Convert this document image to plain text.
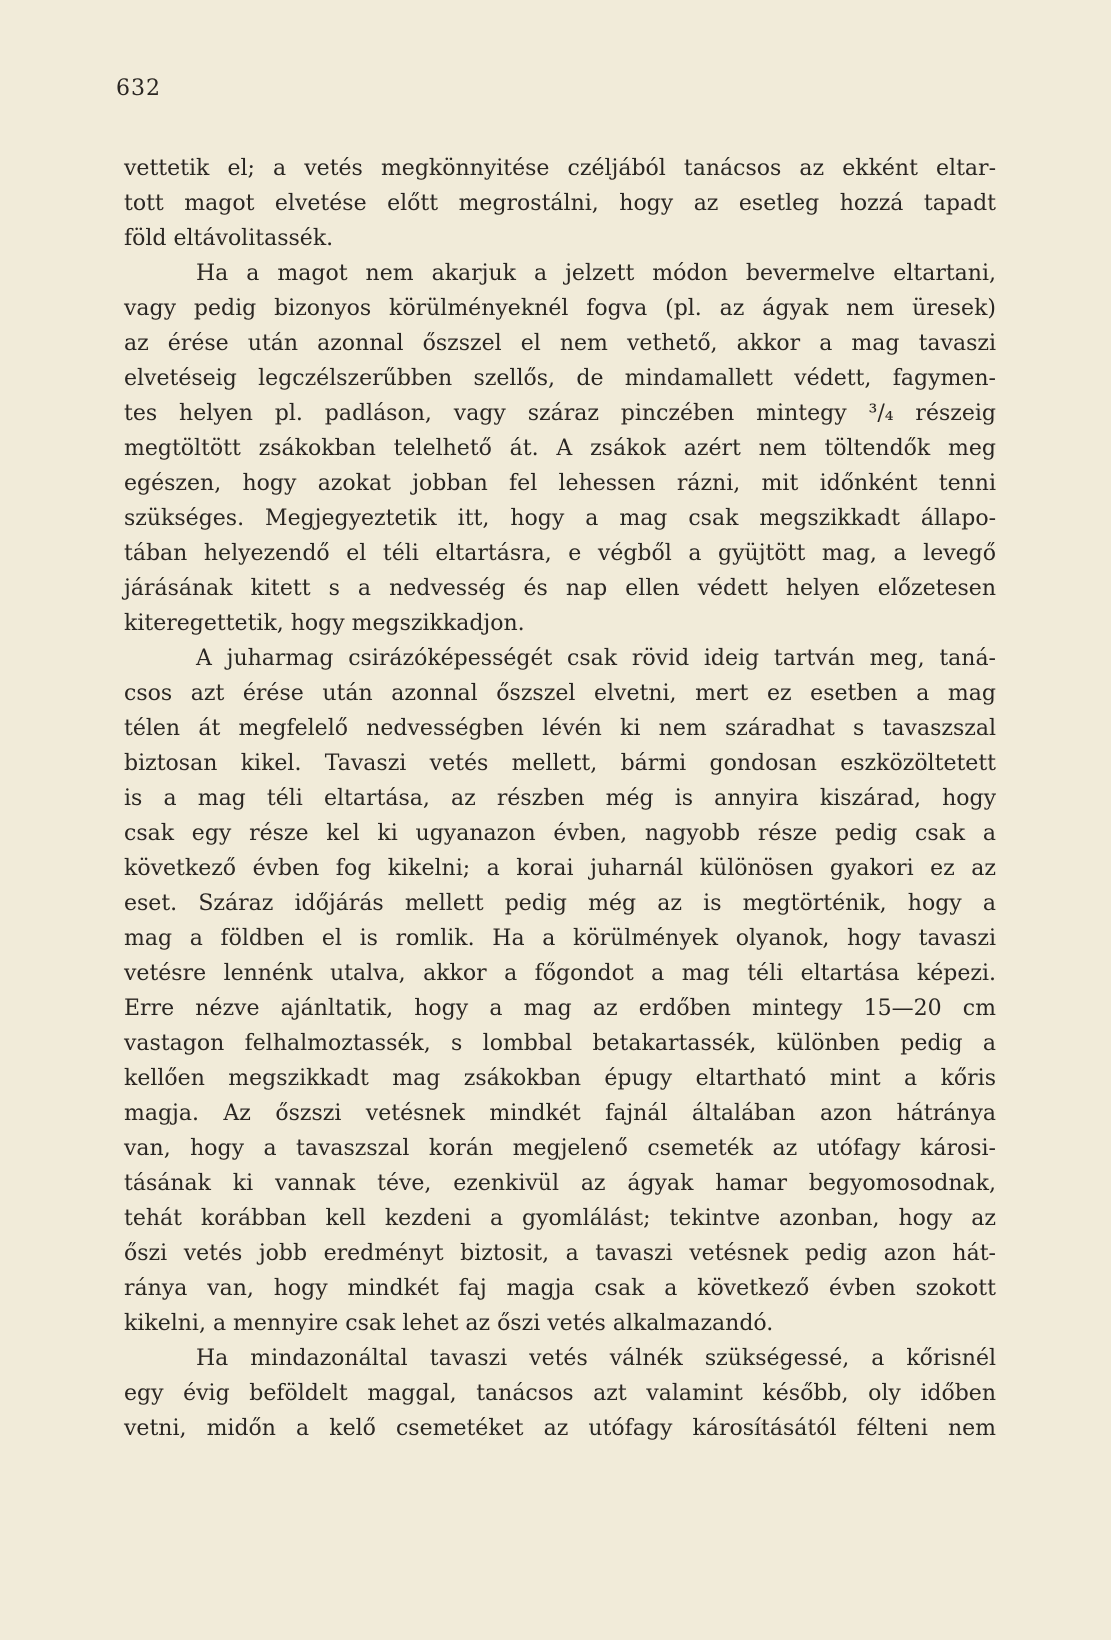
632
vettetik el; a vetés megkönnyitése czéljából tanácsos az ekként eltar-
tott magot elvetése előtt megrostálni, hogy az esetleg hozzá tapadt
föld eltávolitassék.
Ha a magot nem akarjuk a jelzett módon bevermelve eltartani,
vagy pedig bizonyos körülményeknél fogva (pl. az ágyak nem üresek)
az érése után azonnal őszszel el nem vethető, akkor a mag tavaszi
elvetéseig legczélszerűbben szellős, de mindamallett védett, fagymen-
tes helyen pl. padláson, vagy száraz pinczében mintegy ³/₄ részeig
megtöltött zsákokban telelhető át. A zsákok azért nem töltendők meg
egészen, hogy azokat jobban fel lehessen rázni, mit időnként tenni
szükséges. Megjegyeztetik itt, hogy a mag csak megszikkadt állapo-
tában helyezendő el téli eltartásra, e végből a gyüjtött mag, a levegő
járásának kitett s a nedvesség és nap ellen védett helyen előzetesen
kiteregettetik, hogy megszikkadjon.
A juharmag csirázóképességét csak rövid ideig tartván meg, taná-
csos azt érése után azonnal őszszel elvetni, mert ez esetben a mag
télen át megfelelő nedvességben lévén ki nem száradhat s tavaszszal
biztosan kikel. Tavaszi vetés mellett, bármi gondosan eszközöltetett
is a mag téli eltartása, az részben még is annyira kiszárad, hogy
csak egy része kel ki ugyanazon évben, nagyobb része pedig csak a
következő évben fog kikelni; a korai juharnál különösen gyakori ez az
eset. Száraz időjárás mellett pedig még az is megtörténik, hogy a
mag a földben el is romlik. Ha a körülmények olyanok, hogy tavaszi
vetésre lennénk utalva, akkor a főgondot a mag téli eltartása képezi.
Erre nézve ajánltatik, hogy a mag az erdőben mintegy 15—20 cm
vastagon felhalmoztassék, s lombbal betakartassék, különben pedig a
kellően megszikkadt mag zsákokban épugy eltartható mint a kőris
magja. Az őszszi vetésnek mindkét fajnál általában azon hátránya
van, hogy a tavaszszal korán megjelenő csemeték az utófagy károsi-
tásának ki vannak téve, ezenkivül az ágyak hamar begyomosodnak,
tehát korábban kell kezdeni a gyomlálást; tekintve azonban, hogy az
őszi vetés jobb eredményt biztosit, a tavaszi vetésnek pedig azon hát-
ránya van, hogy mindkét faj magja csak a következő évben szokott
kikelni, a mennyire csak lehet az őszi vetés alkalmazandó.
Ha mindazonáltal tavaszi vetés válnék szükségessé, a kőrisnél
egy évig beföldelt maggal, tanácsos azt valamint később, oly időben
vetni, midőn a kelő csemetéket az utófagy károsításától félteni nem
